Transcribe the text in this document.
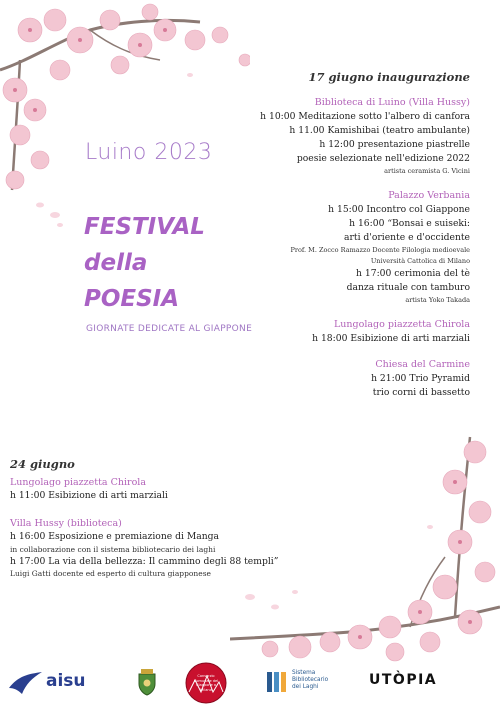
Luino 2023
FESTIVAL
della
POESIA
GIORNATE DEDICATE AL GIAPPONE
17 giugno inaugurazione
Biblioteca di Luino (Villa Hussy)
h 10:00 Meditazione sotto l'albero di canfora
h 11.00 Kamishibai (teatro ambulante)
h 12:00 presentazione piastrelle
poesie selezionate nell'edizione 2022
artista ceramista G. Vicini
Palazzo Verbania
h 15:00 Incontro col Giappone
h 16:00 “Bonsai e suiseki:
arti d'oriente e d'occidente
Prof. M. Zocco Ramazzo Docente Filologia medioevale
Università Cattolica di Milano
h 17:00 cerimonia del tè
danza rituale con tamburo
artista Yoko Takada
Lungolago piazzetta Chirola
h 18:00 Esibizione di arti marziali
Chiesa del Carmine
h 21:00 Trio Pyramid
trio corni di bassetto
24 giugno
Lungolago piazzetta Chirola
h 11:00 Esibizione di arti marziali
Villa Hussy (biblioteca)
h 16:00 Esposizione e premiazione di Manga
in collaborazione con il sistema bibliotecario dei laghi
h 17:00 La via della bellezza: Il cammino degli 88 templi”
Luigi Gatti docente ed esperto di cultura giapponese
aisu	Consorzio Comunale del Giappone a Milano
Sistema
Bibliotecario
dei Laghi	UTÒPIA
